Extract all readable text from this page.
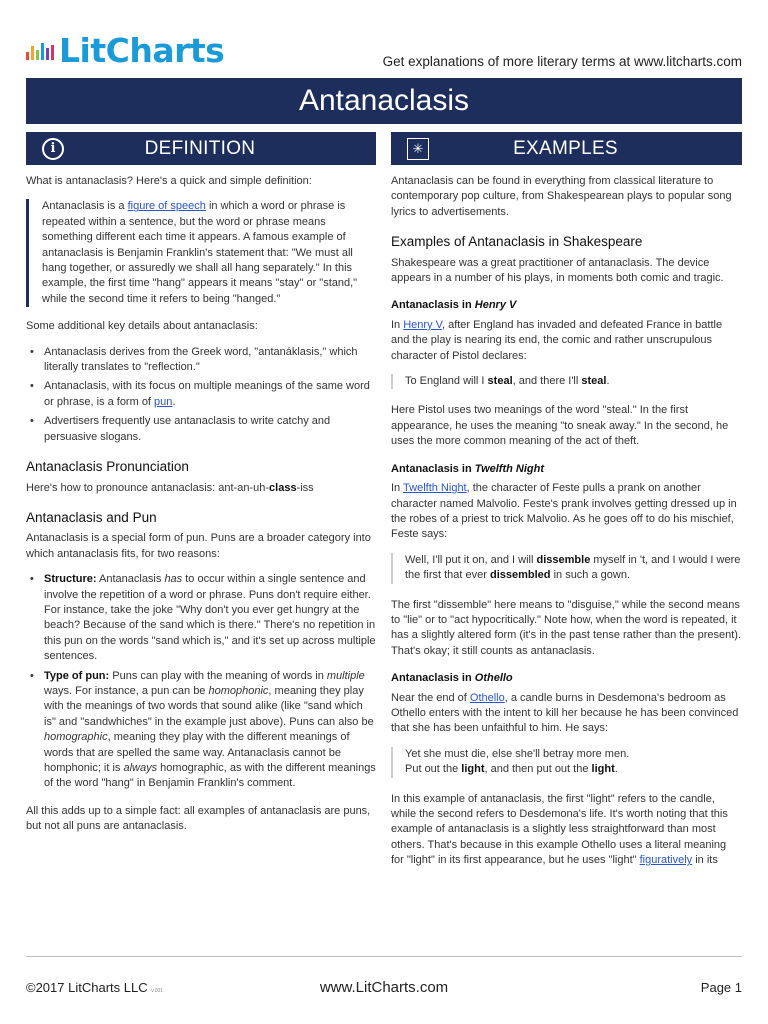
LitCharts	Get explanations of more literary terms at www.litcharts.com
Antanaclasis
i	DEFINITION	✳	EXAMPLES

What is antanaclasis? Here's a quick and simple definition:

Antanaclasis is a figure of speech in which a word or phrase is repeated within a sentence, but the word or phrase means something different each time it appears. A famous example of antanaclasis is Benjamin Franklin's statement that: "We must all hang together, or assuredly we shall all hang separately." In this example, the first time "hang" appears it means "stay" or "stand," while the second time it refers to being "hanged."

Some additional key details about antanaclasis:

• Antanaclasis derives from the Greek word, "antanáklasis," which literally translates to "reflection."
• Antanaclasis, with its focus on multiple meanings of the same word or phrase, is a form of pun.
• Advertisers frequently use antanaclasis to write catchy and persuasive slogans.
Antanaclasis Pronunciation

Here's how to pronounce antanaclasis: ant-an-uh-class-iss

Antanaclasis and Pun

Antanaclasis is a special form of pun. Puns are a broader category into which antanaclasis fits, for two reasons:

• Structure: Antanaclasis has to occur within a single sentence and involve the repetition of a word or phrase. Puns don't require either. For instance, take the joke "Why don't you ever get hungry at the beach? Because of the sand which is there." There's no repetition in this pun on the words "sand which is," and it's set up across multiple sentences.
• Type of pun: Puns can play with the meaning of words in multiple ways. For instance, a pun can be homophonic, meaning they play with the meanings of two words that sound alike (like "sand which is" and "sandwhiches" in the example just above). Puns can also be homographic, meaning they play with the different meanings of words that are spelled the same way. Antanaclasis cannot be homphonic; it is always homographic, as with the different meanings of the word "hang" in Benjamin Franklin's comment.

All this adds up to a simple fact: all examples of antanaclasis are puns, but not all puns are antanaclasis.

Antanaclasis can be found in everything from classical literature to contemporary pop culture, from Shakespearean plays to popular song lyrics to advertisements.

Examples of Antanaclasis in Shakespeare

Shakespeare was a great practitioner of antanaclasis. The device appears in a number of his plays, in moments both comic and tragic.

Antanaclasis in Henry V

In Henry V, after England has invaded and defeated France in battle and the play is nearing its end, the comic and rather unscrupulous character of Pistol declares:

To England will I steal, and there I'll steal.

Here Pistol uses two meanings of the word "steal." In the first appearance, he uses the meaning "to sneak away." In the second, he uses the more common meaning of the act of theft.

Antanaclasis in Twelfth Night

In Twelfth Night, the character of Feste pulls a prank on another character named Malvolio. Feste's prank involves getting dressed up in the robes of a priest to trick Malvolio. As he goes off to do his mischief, Feste says:

Well, I'll put it on, and I will dissemble myself in 't, and I would I were the first that ever dissembled in such a gown.

The first "dissemble" here means to "disguise," while the second means to "lie" or to "act hypocritically." Note how, when the word is repeated, it has a slightly altered form (it's in the past tense rather than the present). That's okay; it still counts as antanaclasis.

Antanaclasis in Othello

Near the end of Othello, a candle burns in Desdemona's bedroom as Othello enters with the intent to kill her because he has been convinced that she has been unfaithful to him. He says:

Yet she must die, else she'll betray more men.
Put out the light, and then put out the light.

In this example of antanaclasis, the first "light" refers to the candle, while the second refers to Desdemona's life. It's worth noting that this example of antanaclasis is a slightly less straightforward than most others. That's because in this example Othello uses a literal meaning for "light" in its first appearance, but he uses "light" figuratively in its

©2017 LitCharts LLC v.001	www.LitCharts.com	Page 1
